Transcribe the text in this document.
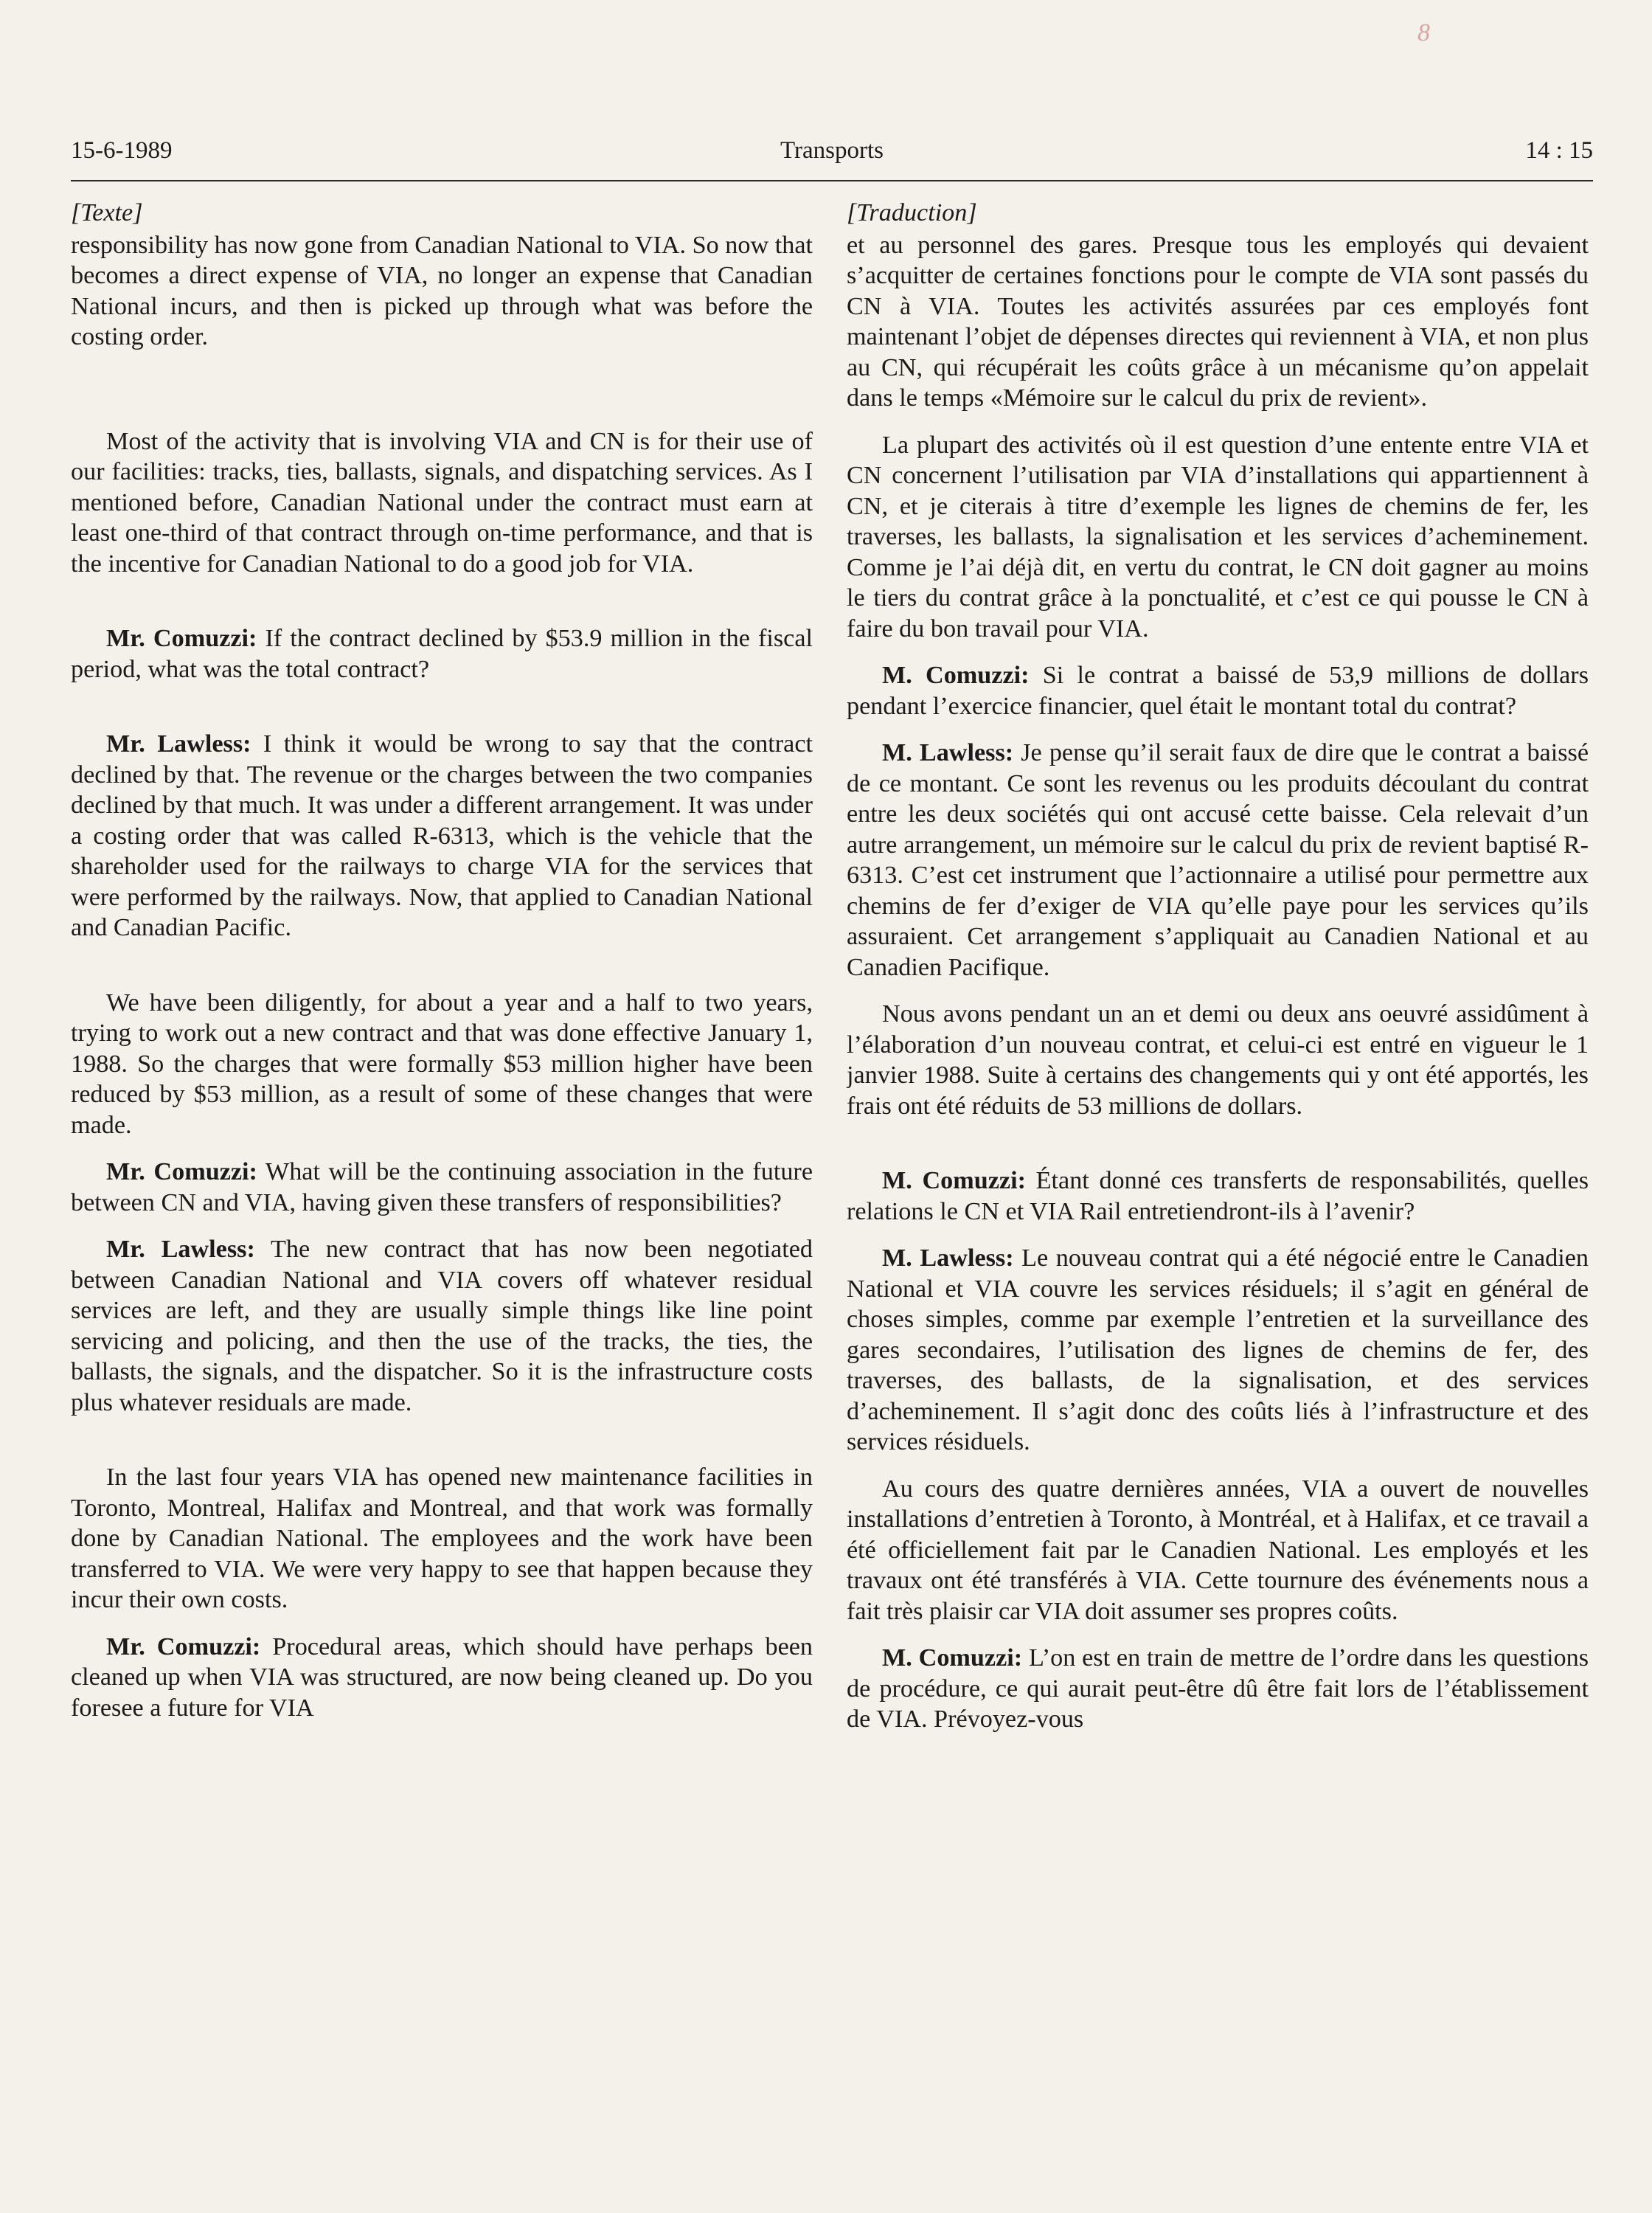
8
15-6-1989	Transports	14 : 15
[Texte]

responsibility has now gone from Canadian National to VIA. So now that becomes a direct expense of VIA, no longer an expense that Canadian National incurs, and then is picked up through what was before the costing order.

Most of the activity that is involving VIA and CN is for their use of our facilities: tracks, ties, ballasts, signals, and dispatching services. As I mentioned before, Canadian National under the contract must earn at least one-third of that contract through on-time performance, and that is the incentive for Canadian National to do a good job for VIA.

Mr. Comuzzi: If the contract declined by $53.9 million in the fiscal period, what was the total contract?

Mr. Lawless: I think it would be wrong to say that the contract declined by that. The revenue or the charges between the two companies declined by that much. It was under a different arrangement. It was under a costing order that was called R-6313, which is the vehicle that the shareholder used for the railways to charge VIA for the services that were performed by the railways. Now, that applied to Canadian National and Canadian Pacific.

We have been diligently, for about a year and a half to two years, trying to work out a new contract and that was done effective January 1, 1988. So the charges that were formally $53 million higher have been reduced by $53 million, as a result of some of these changes that were made.

Mr. Comuzzi: What will be the continuing association in the future between CN and VIA, having given these transfers of responsibilities?

Mr. Lawless: The new contract that has now been negotiated between Canadian National and VIA covers off whatever residual services are left, and they are usually simple things like line point servicing and policing, and then the use of the tracks, the ties, the ballasts, the signals, and the dispatcher. So it is the infrastructure costs plus whatever residuals are made.

In the last four years VIA has opened new maintenance facilities in Toronto, Montreal, Halifax and Montreal, and that work was formally done by Canadian National. The employees and the work have been transferred to VIA. We were very happy to see that happen because they incur their own costs.

Mr. Comuzzi: Procedural areas, which should have perhaps been cleaned up when VIA was structured, are now being cleaned up. Do you foresee a future for VIA

[Traduction]

et au personnel des gares. Presque tous les employés qui devaient s’acquitter de certaines fonctions pour le compte de VIA sont passés du CN à VIA. Toutes les activités assurées par ces employés font maintenant l’objet de dépenses directes qui reviennent à VIA, et non plus au CN, qui récupérait les coûts grâce à un mécanisme qu’on appelait dans le temps «Mémoire sur le calcul du prix de revient».

La plupart des activités où il est question d’une entente entre VIA et CN concernent l’utilisation par VIA d’installations qui appartiennent à CN, et je citerais à titre d’exemple les lignes de chemins de fer, les traverses, les ballasts, la signalisation et les services d’acheminement. Comme je l’ai déjà dit, en vertu du contrat, le CN doit gagner au moins le tiers du contrat grâce à la ponctualité, et c’est ce qui pousse le CN à faire du bon travail pour VIA.

M. Comuzzi: Si le contrat a baissé de 53,9 millions de dollars pendant l’exercice financier, quel était le montant total du contrat?

M. Lawless: Je pense qu’il serait faux de dire que le contrat a baissé de ce montant. Ce sont les revenus ou les produits découlant du contrat entre les deux sociétés qui ont accusé cette baisse. Cela relevait d’un autre arrangement, un mémoire sur le calcul du prix de revient baptisé R-6313. C’est cet instrument que l’actionnaire a utilisé pour permettre aux chemins de fer d’exiger de VIA qu’elle paye pour les services qu’ils assuraient. Cet arrangement s’appliquait au Canadien National et au Canadien Pacifique.

Nous avons pendant un an et demi ou deux ans oeuvré assidûment à l’élaboration d’un nouveau contrat, et celui-ci est entré en vigueur le 1 janvier 1988. Suite à certains des changements qui y ont été apportés, les frais ont été réduits de 53 millions de dollars.

M. Comuzzi: Étant donné ces transferts de responsabilités, quelles relations le CN et VIA Rail entretiendront-ils à l’avenir?

M. Lawless: Le nouveau contrat qui a été négocié entre le Canadien National et VIA couvre les services résiduels; il s’agit en général de choses simples, comme par exemple l’entretien et la surveillance des gares secondaires, l’utilisation des lignes de chemins de fer, des traverses, des ballasts, de la signalisation, et des services d’acheminement. Il s’agit donc des coûts liés à l’infrastructure et des services résiduels.

Au cours des quatre dernières années, VIA a ouvert de nouvelles installations d’entretien à Toronto, à Montréal, et à Halifax, et ce travail a été officiellement fait par le Canadien National. Les employés et les travaux ont été transférés à VIA. Cette tournure des événements nous a fait très plaisir car VIA doit assumer ses propres coûts.

M. Comuzzi: L’on est en train de mettre de l’ordre dans les questions de procédure, ce qui aurait peut-être dû être fait lors de l’établissement de VIA. Prévoyez-vous
